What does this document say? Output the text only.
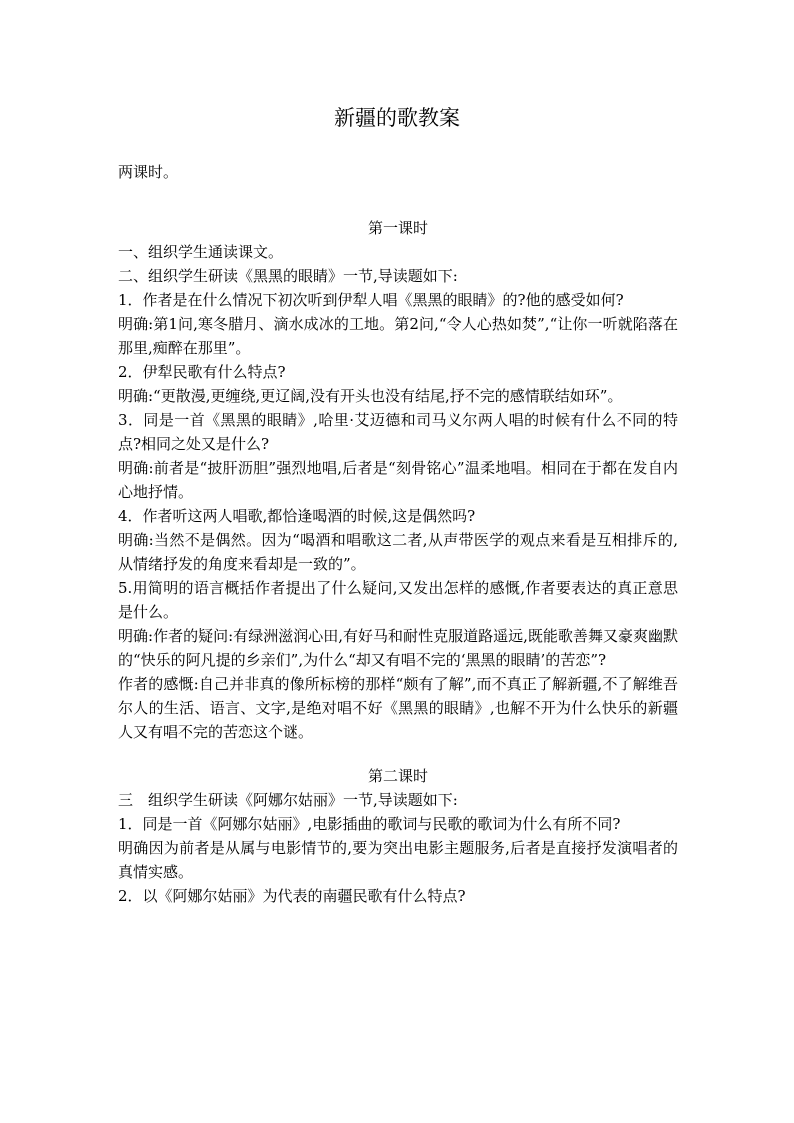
新疆的歌教案

两课时。

第一课时

一、组织学生通读课文。

二、组织学生研读《黑黑的眼睛》一节,导读题如下:

1．作者是在什么情况下初次听到伊犁人唱《黑黑的眼睛》的?他的感受如何?

明确:第1问,寒冬腊月、滴水成冰的工地。第2问,“令人心热如焚”,“让你一听就陷落在那里,痴醉在那里”。

2．伊犁民歌有什么特点?

明确:“更散漫,更缠绕,更辽阔,没有开头也没有结尾,抒不完的感情联结如环”。

3．同是一首《黑黑的眼睛》,哈里·艾迈德和司马义尔两人唱的时候有什么不同的特点?相同之处又是什么?

明确:前者是“披肝沥胆”强烈地唱,后者是“刻骨铭心”温柔地唱。相同在于都在发自内心地抒情。

4．作者听这两人唱歌,都恰逢喝酒的时候,这是偶然吗?

明确:当然不是偶然。因为“喝酒和唱歌这二者,从声带医学的观点来看是互相排斥的,从情绪抒发的角度来看却是一致的”。

5.用简明的语言概括作者提出了什么疑问,又发出怎样的感慨,作者要表达的真正意思是什么。

明确:作者的疑问:有绿洲滋润心田,有好马和耐性克服道路遥远,既能歌善舞又豪爽幽默的“快乐的阿凡提的乡亲们”,为什么“却又有唱不完的‘黑黑的眼睛’的苦恋”?

作者的感慨:自己并非真的像所标榜的那样“颇有了解”,而不真正了解新疆,不了解维吾尔人的生活、语言、文字,是绝对唱不好《黑黑的眼睛》,也解不开为什么快乐的新疆人又有唱不完的苦恋这个谜。

第二课时

三　组织学生研读《阿娜尔姑丽》一节,导读题如下:

1．同是一首《阿娜尔姑丽》,电影插曲的歌词与民歌的歌词为什么有所不同?

明确因为前者是从属与电影情节的,要为突出电影主题服务,后者是直接抒发演唱者的真情实感。

2．以《阿娜尔姑丽》为代表的南疆民歌有什么特点?
